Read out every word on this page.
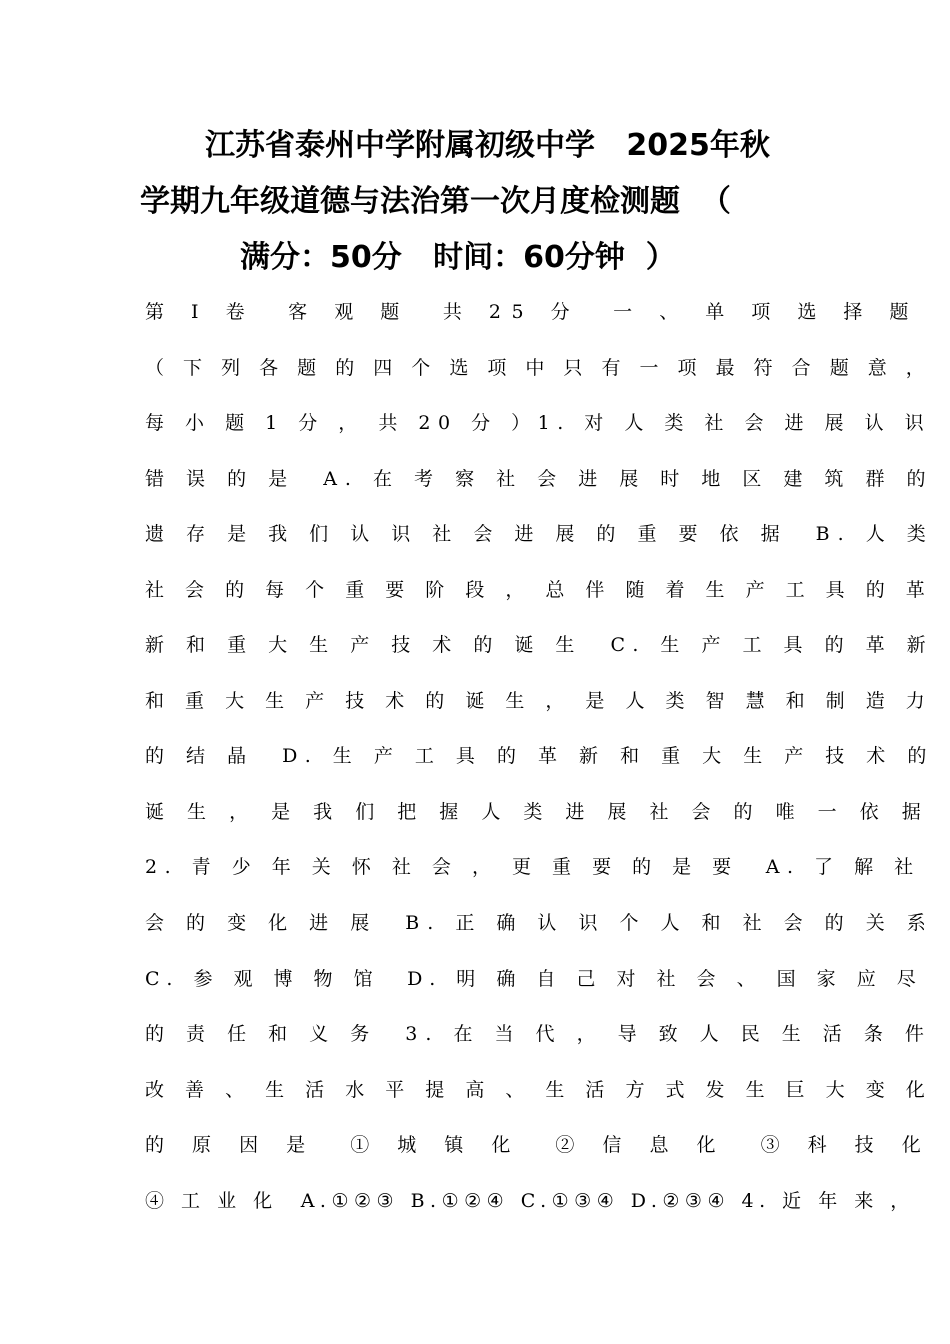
江苏省泰州中学附属初级中学   2025年秋
学期九年级道德与法治第一次月度检测题  （
满分：50分   时间：60分钟  ）
第 Ⅰ 卷  客 观 题  共 25 分  一 、 单 项 选 择 题
（ 下 列 各 题 的 四 个 选 项 中 只 有 一 项 最 符 合 题 意 ，
每 小 题 1 分 ， 共 20 分 ）1. 对 人 类 社 会 进 展 认 识
错 误 的 是  A. 在 考 察 社 会 进 展 时 地 区 建 筑 群 的
遗 存 是 我 们 认 识 社 会 进 展 的 重 要 依 据  B. 人 类
社 会 的 每 个 重 要 阶 段 ， 总 伴 随 着 生 产 工 具 的 革
新 和 重 大 生 产 技 术 的 诞 生  C. 生 产 工 具 的 革 新
和 重 大 生 产 技 术 的 诞 生 ， 是 人 类 智 慧 和 制 造 力
的 结 晶  D. 生 产 工 具 的 革 新 和 重 大 生 产 技 术 的
诞 生 ， 是 我 们 把 握 人 类 进 展 社 会 的 唯 一 依 据
2. 青 少 年 关 怀 社 会 ， 更 重 要 的 是 要  A. 了 解 社
会 的 变 化 进 展  B. 正 确 认 识 个 人 和 社 会 的 关 系
C. 参 观 博 物 馆  D. 明 确 自 己 对 社 会 、 国 家 应 尽
的 责 任 和 义 务  3. 在 当 代 ， 导 致 人 民 生 活 条 件
改 善 、 生 活 水 平 提 高 、 生 活 方 式 发 生 巨 大 变 化
的 原 因 是  ① 城 镇 化  ② 信 息 化  ③ 科 技 化
④ 工 业 化  A.①②③ B.①②④ C.①③④ D.②③④ 4. 近 年 来 ，
